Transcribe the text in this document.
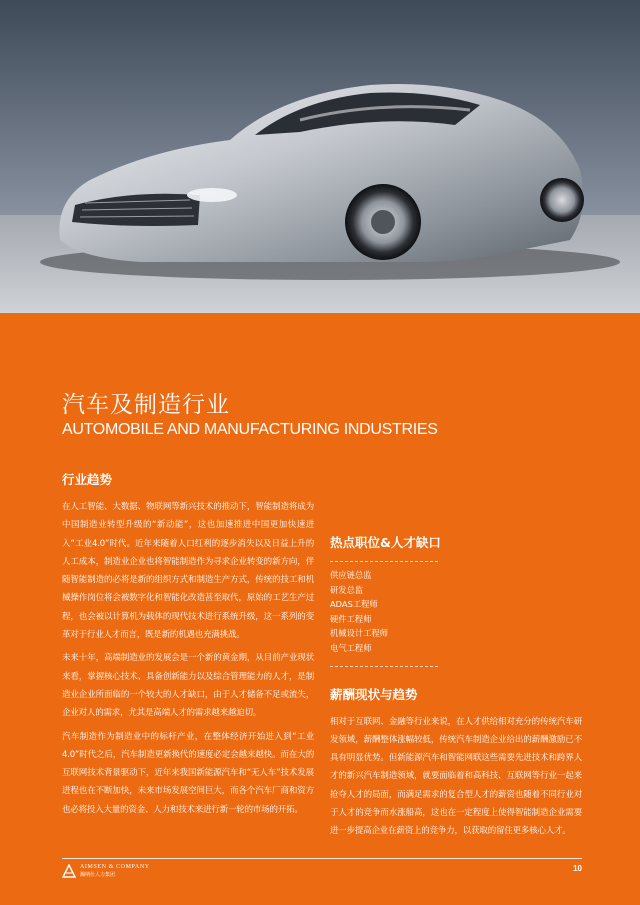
汽车及制造行业
AUTOMOBILE AND MANUFACTURING INDUSTRIES
行业趋势

在人工智能、大数据、物联网等新兴技术的推动下，智能制造将成为中国制造业转型升级的“新动能”，这也加速推进中国更加快速进入“工业4.0”时代。近年来随着人口红利的逐步消失以及日益上升的人工成本，制造业企业也将智能制造作为寻求企业转变的新方向，伴随智能制造的必将是新的组织方式和制造生产方式，传统的技工和机械操作岗位将会被数字化和智能化改造甚至取代，原始的工艺生产过程，也会被以计算机为载体的现代技术进行系统升级，这一系列的变革对于行业人才而言，既是新的机遇也充满挑战。

未来十年，高端制造业的发展会是一个新的黄金期，从目前产业现状来看，掌握核心技术、具备创新能力以及综合管理能力的人才，是制造业企业所面临的一个较大的人才缺口，由于人才储备不足或流失，企业对人的需求，尤其是高端人才的需求越来越迫切。

汽车制造作为制造业中的标杆产业，在整体经济开始进入到“工业4.0”时代之后，汽车制造更新换代的速度必定会越来越快。而在大的互联网技术背景驱动下，近年来我国新能源汽车和“无人车”技术发展进程也在不断加快，未来市场发展空间巨大，而各个汽车厂商和资方也必将投入大量的资金、人力和技术来进行新一轮的市场的开拓。

热点职位&人才缺口
供应链总监
研发总监
ADAS工程师
硬件工程师
机械设计工程师
电气工程师
薪酬现状与趋势

相对于互联网、金融等行业来说，在人才供给相对充分的传统汽车研发领域，薪酬整体涨幅较低，传统汽车制造企业给出的薪酬激励已不具有明显优势。但新能源汽车和智能网联这些需要先进技术和跨界人才的新兴汽车制造领域，就要面临着和高科技、互联网等行业一起来抢夺人才的局面，而满足需求的复合型人才的薪资也随着不同行业对于人才的竞争而水涨船高，这也在一定程度上使得智能制造企业需要进一步提高企业在薪资上的竞争力，以获取的留住更多核心人才。

AIMSEN & COMPANY
瀚纳仕人力集团
10
